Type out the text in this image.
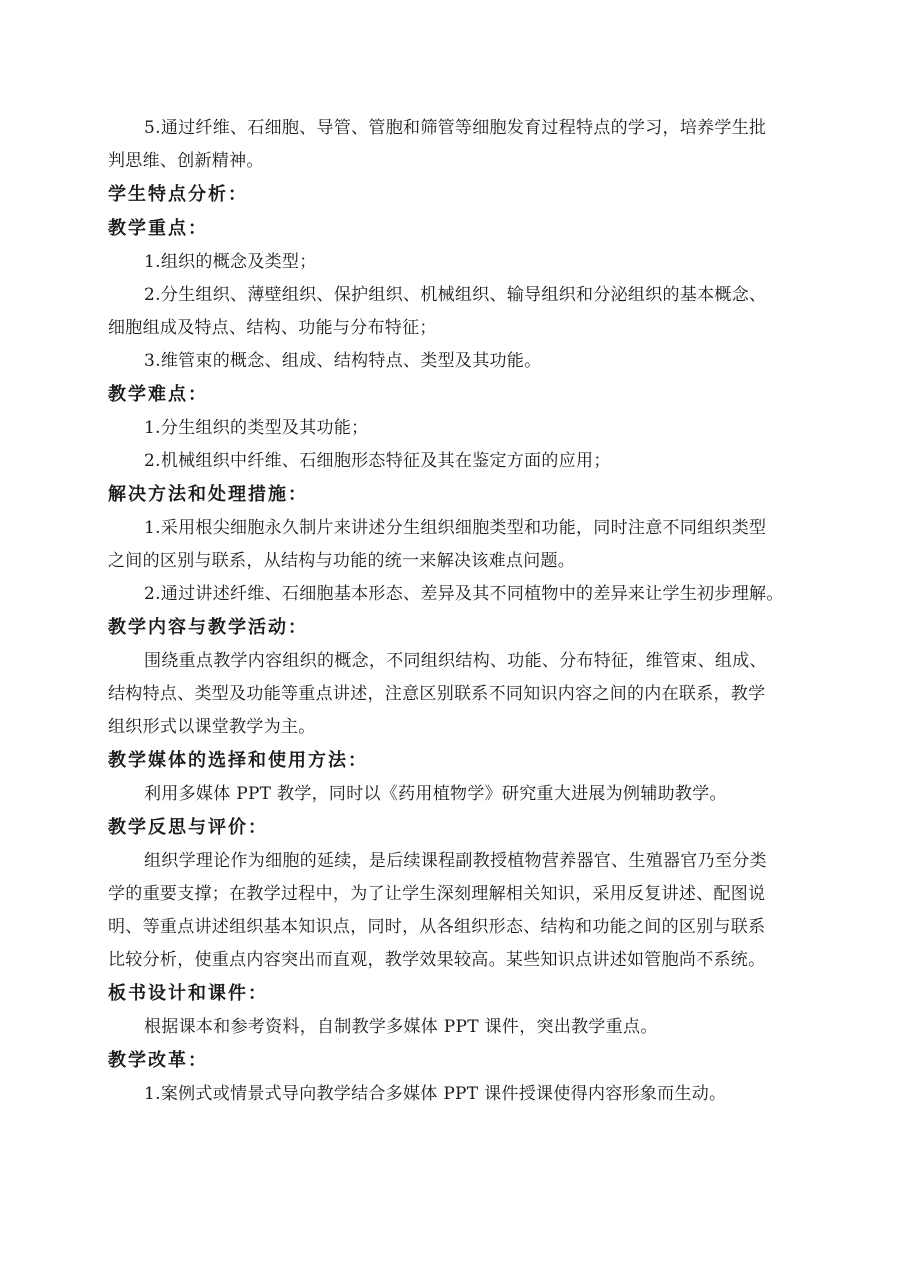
5.通过纤维、石细胞、导管、管胞和筛管等细胞发育过程特点的学习，培养学生批
判思维、创新精神。
学生特点分析：
教学重点：
1.组织的概念及类型；
2.分生组织、薄壁组织、保护组织、机械组织、输导组织和分泌组织的基本概念、
细胞组成及特点、结构、功能与分布特征；
3.维管束的概念、组成、结构特点、类型及其功能。
教学难点：
1.分生组织的类型及其功能；
2.机械组织中纤维、石细胞形态特征及其在鉴定方面的应用；
解决方法和处理措施：
1.采用根尖细胞永久制片来讲述分生组织细胞类型和功能，同时注意不同组织类型
之间的区别与联系，从结构与功能的统一来解决该难点问题。
2.通过讲述纤维、石细胞基本形态、差异及其不同植物中的差异来让学生初步理解。
教学内容与教学活动：
围绕重点教学内容组织的概念，不同组织结构、功能、分布特征，维管束、组成、
结构特点、类型及功能等重点讲述，注意区别联系不同知识内容之间的内在联系，教学
组织形式以课堂教学为主。
教学媒体的选择和使用方法：
利用多媒体 PPT 教学，同时以《药用植物学》研究重大进展为例辅助教学。
教学反思与评价：
组织学理论作为细胞的延续，是后续课程副教授植物营养器官、生殖器官乃至分类
学的重要支撑；在教学过程中，为了让学生深刻理解相关知识，采用反复讲述、配图说
明、等重点讲述组织基本知识点，同时，从各组织形态、结构和功能之间的区别与联系
比较分析，使重点内容突出而直观，教学效果较高。某些知识点讲述如管胞尚不系统。
板书设计和课件：
根据课本和参考资料，自制教学多媒体 PPT 课件，突出教学重点。
教学改革：
1.案例式或情景式导向教学结合多媒体 PPT 课件授课使得内容形象而生动。
